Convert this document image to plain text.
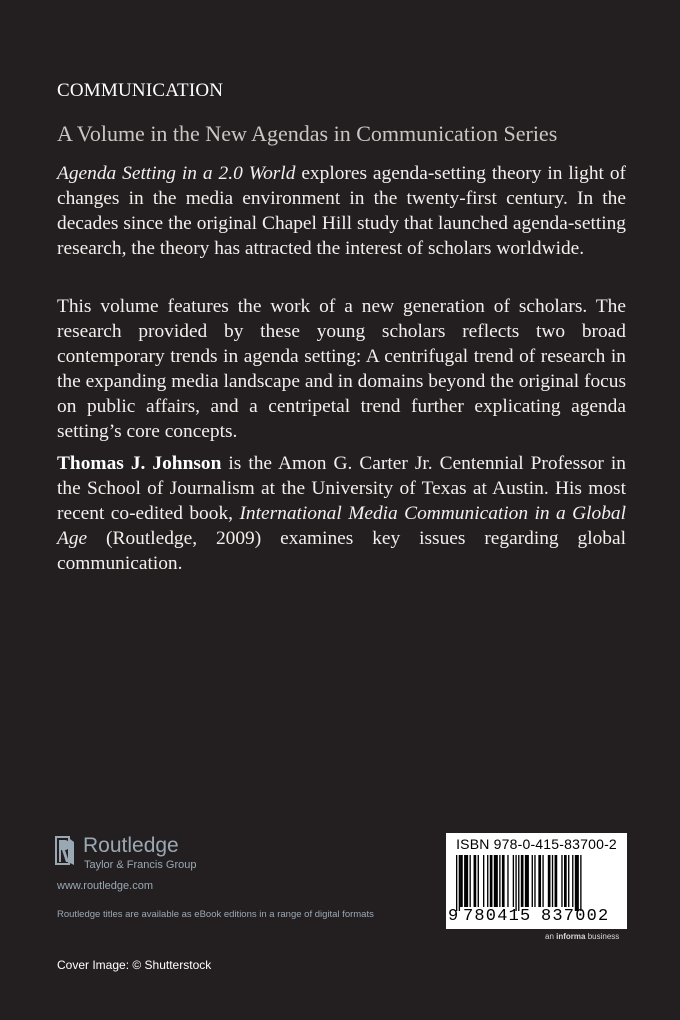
COMMUNICATION
A Volume in the New Agendas in Communication Series

Agenda Setting in a 2.0 World explores agenda-setting theory in light of changes in the media environment in the twenty-first century. In the decades since the original Chapel Hill study that launched agenda-setting research, the theory has attracted the interest of scholars worldwide.

This volume features the work of a new generation of scholars. The research provided by these young scholars reflects two broad contemporary trends in agenda setting: A centrifugal trend of research in the expanding media landscape and in domains beyond the original focus on public affairs, and a centripetal trend further explicating agenda setting’s core concepts.

Thomas J. Johnson is the Amon G. Carter Jr. Centennial Professor in the School of Journalism at the University of Texas at Austin. His most recent co-edited book, International Media Communication in a Global Age (Routledge, 2009) examines key issues regarding global communication.

Routledge
Taylor & Francis Group
www.routledge.com
Routledge titles are available as eBook editions in a range of digital formats
Cover Image: © Shutterstock
ISBN 978-0-415-83700-2
9 780415 837002
an informa business
